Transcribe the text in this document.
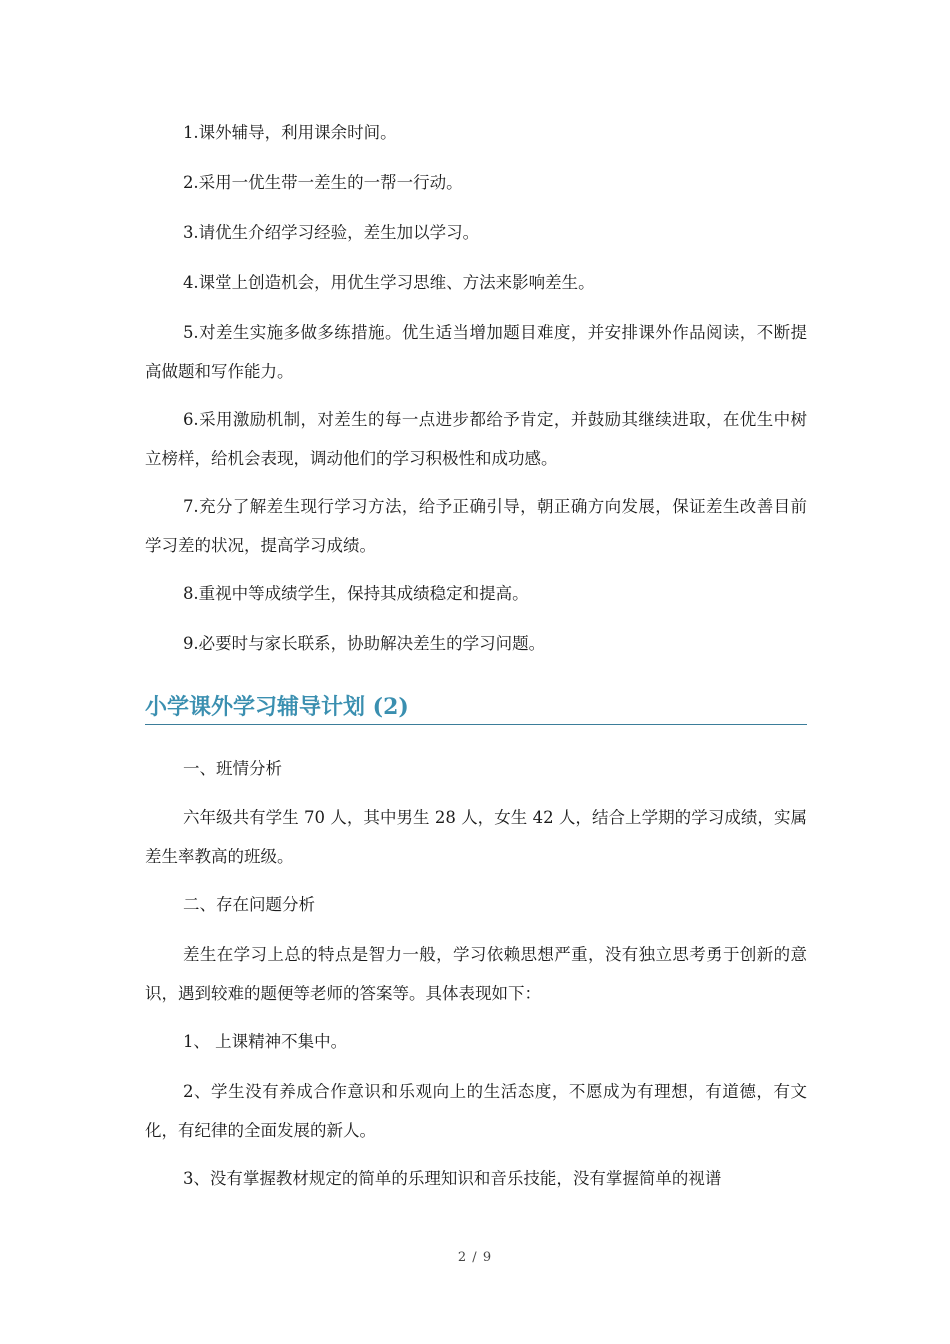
1.课外辅导，利用课余时间。

2.采用一优生带一差生的一帮一行动。

3.请优生介绍学习经验，差生加以学习。

4.课堂上创造机会，用优生学习思维、方法来影响差生。

5.对差生实施多做多练措施。优生适当增加题目难度，并安排课外作品阅读，不断提高做题和写作能力。

6.采用激励机制，对差生的每一点进步都给予肯定，并鼓励其继续进取，在优生中树立榜样，给机会表现，调动他们的学习积极性和成功感。

7.充分了解差生现行学习方法，给予正确引导，朝正确方向发展，保证差生改善目前学习差的状况，提高学习成绩。

8.重视中等成绩学生，保持其成绩稳定和提高。

9.必要时与家长联系，协助解决差生的学习问题。

小学课外学习辅导计划 (2)

一、班情分析

六年级共有学生 70 人，其中男生 28 人，女生 42 人，结合上学期的学习成绩，实属差生率教高的班级。

二、存在问题分析

差生在学习上总的特点是智力一般，学习依赖思想严重，没有独立思考勇于创新的意识，遇到较难的题便等老师的答案等。具体表现如下：

1、 上课精神不集中。

2、学生没有养成合作意识和乐观向上的生活态度，不愿成为有理想，有道德，有文化，有纪律的全面发展的新人。

3、没有掌握教材规定的简单的乐理知识和音乐技能，没有掌握简单的视谱

2 / 9
